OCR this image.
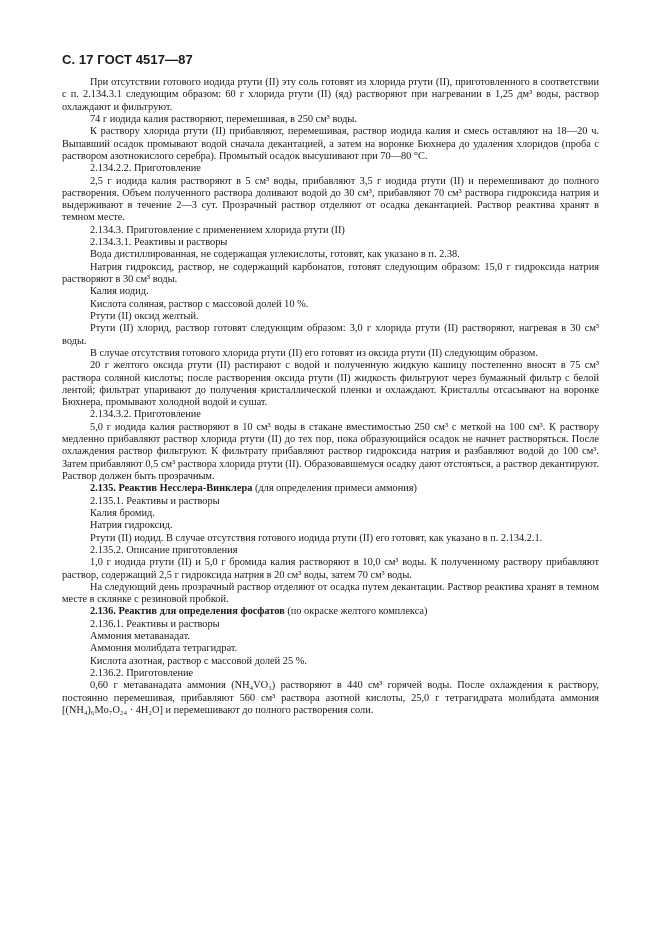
С. 17 ГОСТ 4517—87

При отсутствии готового иодида ртути (II) эту соль готовят из хлорида ртути (II), приготовленного в соответствии с п. 2.134.3.1 следующим образом: 60 г хлорида ртути (II) (яд) растворяют при нагревании в 1,25 дм³ воды, раствор охлаждают и фильтруют.

74 г иодида калия растворяют, перемешивая, в 250 см³ воды.

К раствору хлорида ртути (II) прибавляют, перемешивая, раствор иодида калия и смесь оставляют на 18—20 ч. Выпавший осадок промывают водой сначала декантацией, а затем на воронке Бюхнера до удаления хлоридов (проба с раствором азотнокислого серебра). Промытый осадок высушивают при 70—80 °С.

2.134.2.2. Приготовление

2,5 г иодида калия растворяют в 5 см³ воды, прибавляют 3,5 г иодида ртути (II) и перемешивают до полного растворения. Объем полученного раствора доливают водой до 30 см³, прибавляют 70 см³ раствора гидроксида натрия и выдерживают в течение 2—3 сут. Прозрачный раствор отделяют от осадка декантацией. Раствор реактива хранят в темном месте.

2.134.3. Приготовление с применением хлорида ртути (II)

2.134.3.1. Реактивы и растворы

Вода дистиллированная, не содержащая углекислоты, готовят, как указано в п. 2.38.

Натрия гидроксид, раствор, не содержащий карбонатов, готовят следующим образом: 15,0 г гидроксида натрия растворяют в 30 см³ воды.

Калия иодид.

Кислота соляная, раствор с массовой долей 10 %.

Ртути (II) оксид желтый.

Ртути (II) хлорид, раствор готовят следующим образом: 3,0 г хлорида ртути (II) растворяют, нагревая в 30 см³ воды.

В случае отсутствия готового хлорида ртути (II) его готовят из оксида ртути (II) следующим образом.

20 г желтого оксида ртути (II) растирают с водой и полученную жидкую кашицу постепенно вносят в 75 см³ раствора соляной кислоты; после растворения оксида ртути (II) жидкость фильтруют через бумажный фильтр с белой лентой; фильтрат упаривают до получения кристаллической пленки и охлаждают. Кристаллы отсасывают на воронке Бюхнера, промывают холодной водой и сушат.

2.134.3.2. Приготовление

5,0 г иодида калия растворяют в 10 см³ воды в стакане вместимостью 250 см³ с меткой на 100 см³. К раствору медленно прибавляют раствор хлорида ртути (II) до тех пор, пока образующийся осадок не начнет растворяться. После охлаждения раствор фильтруют. К фильтрату прибавляют раствор гидроксида натрия и разбавляют водой до 100 см³. Затем прибавляют 0,5 см³ раствора хлорида ртути (II). Образовавшемуся осадку дают отстояться, а раствор декантируют. Раствор должен быть прозрачным.

2.135. Реактив Несслера-Винклера (для определения примеси аммония)

2.135.1. Реактивы и растворы

Калия бромид.

Натрия гидроксид.

Ртути (II) иодид. В случае отсутствия готового иодида ртути (II) его готовят, как указано в п. 2.134.2.1.

2.135.2. Описание приготовления

1,0 г иодида ртути (II) и 5,0 г бромида калия растворяют в 10,0 см³ воды. К полученному раствору прибавляют раствор, содержащий 2,5 г гидроксида натрия в 20 см³ воды, затем 70 см³ воды.

На следующий день прозрачный раствор отделяют от осадка путем декантации. Раствор реактива хранят в темном месте в склянке с резиновой пробкой.

2.136. Реактив для определения фосфатов (по окраске желтого комплекса)

2.136.1. Реактивы и растворы

Аммония метаванадат.

Аммония молибдата тетрагидрат.

Кислота азотная, раствор с массовой долей 25 %.

2.136.2. Приготовление

0,60 г метаванадата аммония (NH₄VO₃) растворяют в 440 см³ горячей воды. После охлаждения к раствору, постоянно перемешивая, прибавляют 560 см³ раствора азотной кислоты, 25,0 г тетрагидрата молибдата аммония [(NH₄)₆Mo₇O₂₄ · 4H₂O] и перемешивают до полного растворения соли.
